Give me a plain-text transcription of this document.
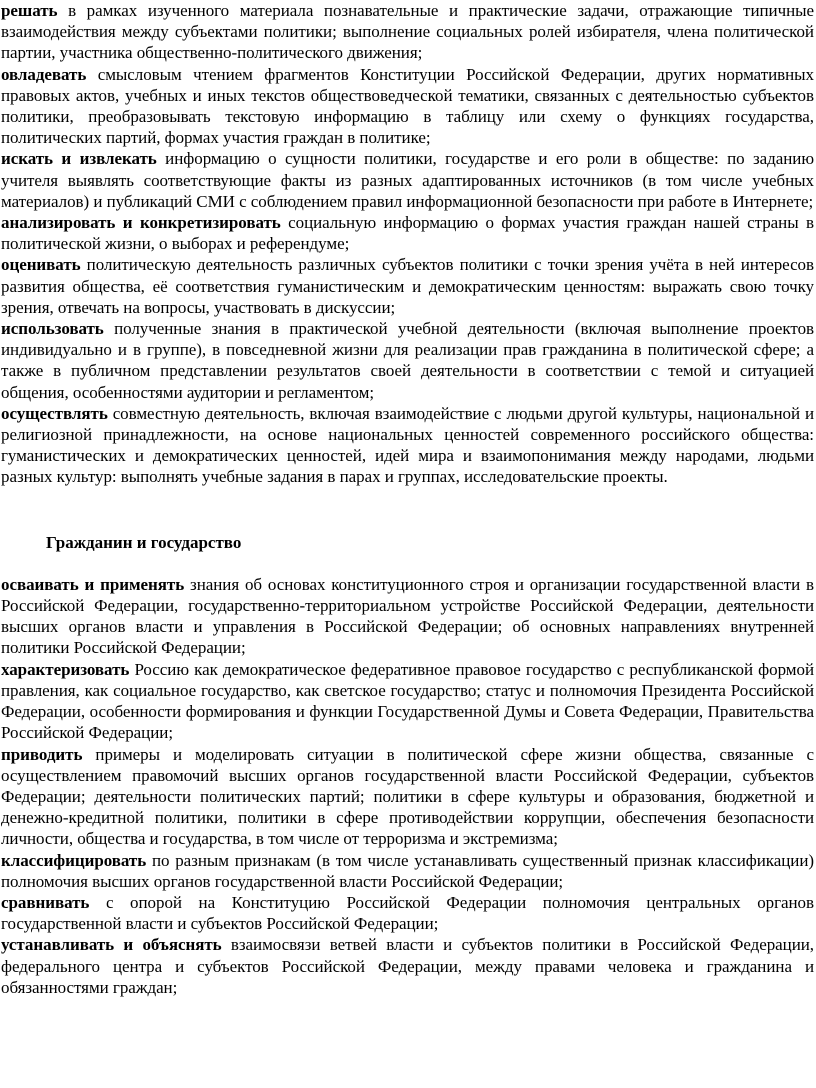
решать в рамках изученного материала познавательные и практические задачи, отражающие типичные взаимодействия между субъектами политики; выполнение социальных ролей избирателя, члена политической партии, участника общественно-политического движения;

овладевать смысловым чтением фрагментов Конституции Российской Федерации, других нормативных правовых актов, учебных и иных текстов обществоведческой тематики, связанных с деятельностью субъектов политики, преобразовывать текстовую информацию в таблицу или схему о функциях государства, политических партий, формах участия граждан в политике;

искать и извлекать информацию о сущности политики, государстве и его роли в обществе: по заданию учителя выявлять соответствующие факты из разных адаптированных источников (в том числе учебных материалов) и публикаций СМИ с соблюдением правил информационной безопасности при работе в Интернете;

анализировать и конкретизировать социальную информацию о формах участия граждан нашей страны в политической жизни, о выборах и референдуме;

оценивать политическую деятельность различных субъектов политики с точки зрения учёта в ней интересов развития общества, её соответствия гуманистическим и демократическим ценностям: выражать свою точку зрения, отвечать на вопросы, участвовать в дискуссии;

использовать полученные знания в практической учебной деятельности (включая выполнение проектов индивидуально и в группе), в повседневной жизни для реализации прав гражданина в политической сфере; а также в публичном представлении результатов своей деятельности в соответствии с темой и ситуацией общения, особенностями аудитории и регламентом;

осуществлять совместную деятельность, включая взаимодействие с людьми другой культуры, национальной и религиозной принадлежности, на основе национальных ценностей современного российского общества: гуманистических и демократических ценностей, идей мира и взаимопонимания между народами, людьми разных культур: выполнять учебные задания в парах и группах, исследовательские проекты.

Гражданин и государство

осваивать и применять знания об основах конституционного строя и организации государственной власти в Российской Федерации, государственно-территориальном устройстве Российской Федерации, деятельности высших органов власти и управления в Российской Федерации; об основных направлениях внутренней политики Российской Федерации;

характеризовать Россию как демократическое федеративное правовое государство с республиканской формой правления, как социальное государство, как светское государство; статус и полномочия Президента Российской Федерации, особенности формирования и функции Государственной Думы и Совета Федерации, Правительства Российской Федерации;

приводить примеры и моделировать ситуации в политической сфере жизни общества, связанные с осуществлением правомочий высших органов государственной власти Российской Федерации, субъектов Федерации; деятельности политических партий; политики в сфере культуры и образования, бюджетной и денежно-кредитной политики, политики в сфере противодействии коррупции, обеспечения безопасности личности, общества и государства, в том числе от терроризма и экстремизма;

классифицировать по разным признакам (в том числе устанавливать существенный признак классификации) полномочия высших органов государственной власти Российской Федерации;

сравнивать с опорой на Конституцию Российской Федерации полномочия центральных органов государственной власти и субъектов Российской Федерации;

устанавливать и объяснять взаимосвязи ветвей власти и субъектов политики в Российской Федерации, федерального центра и субъектов Российской Федерации, между правами человека и гражданина и обязанностями граждан;
